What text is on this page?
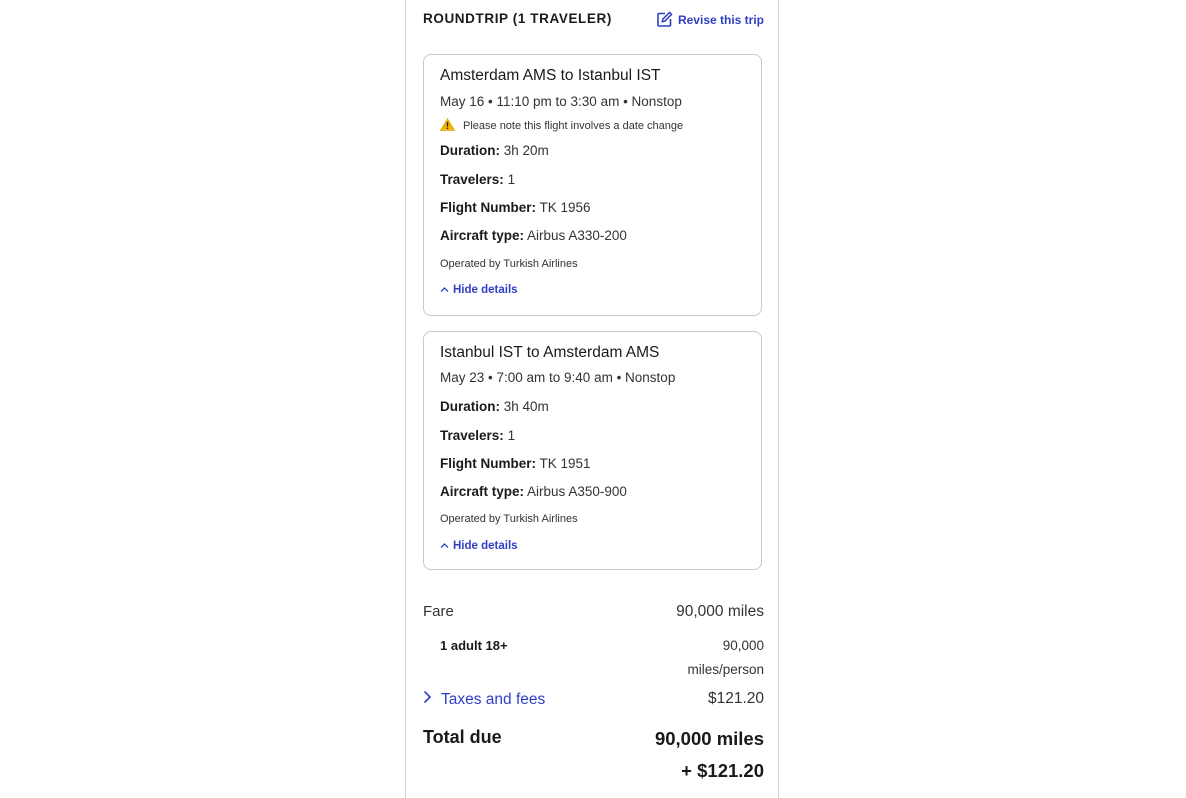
ROUNDTRIP (1 TRAVELER)	Revise this trip
Amsterdam AMS to Istanbul IST
May 16 • 11:10 pm to 3:30 am • Nonstop
Please note this flight involves a date change
Duration: 3h 20m
Travelers: 1
Flight Number: TK 1956
Aircraft type: Airbus A330-200
Operated by Turkish Airlines
Hide details
Istanbul IST to Amsterdam AMS
May 23 • 7:00 am to 9:40 am • Nonstop
Duration: 3h 40m
Travelers: 1
Flight Number: TK 1951
Aircraft type: Airbus A350-900
Operated by Turkish Airlines
Hide details
Fare	90,000 miles
1 adult 18+	90,000
miles/person
Taxes and fees	$121.20
Total due	90,000 miles
+ $121.20
